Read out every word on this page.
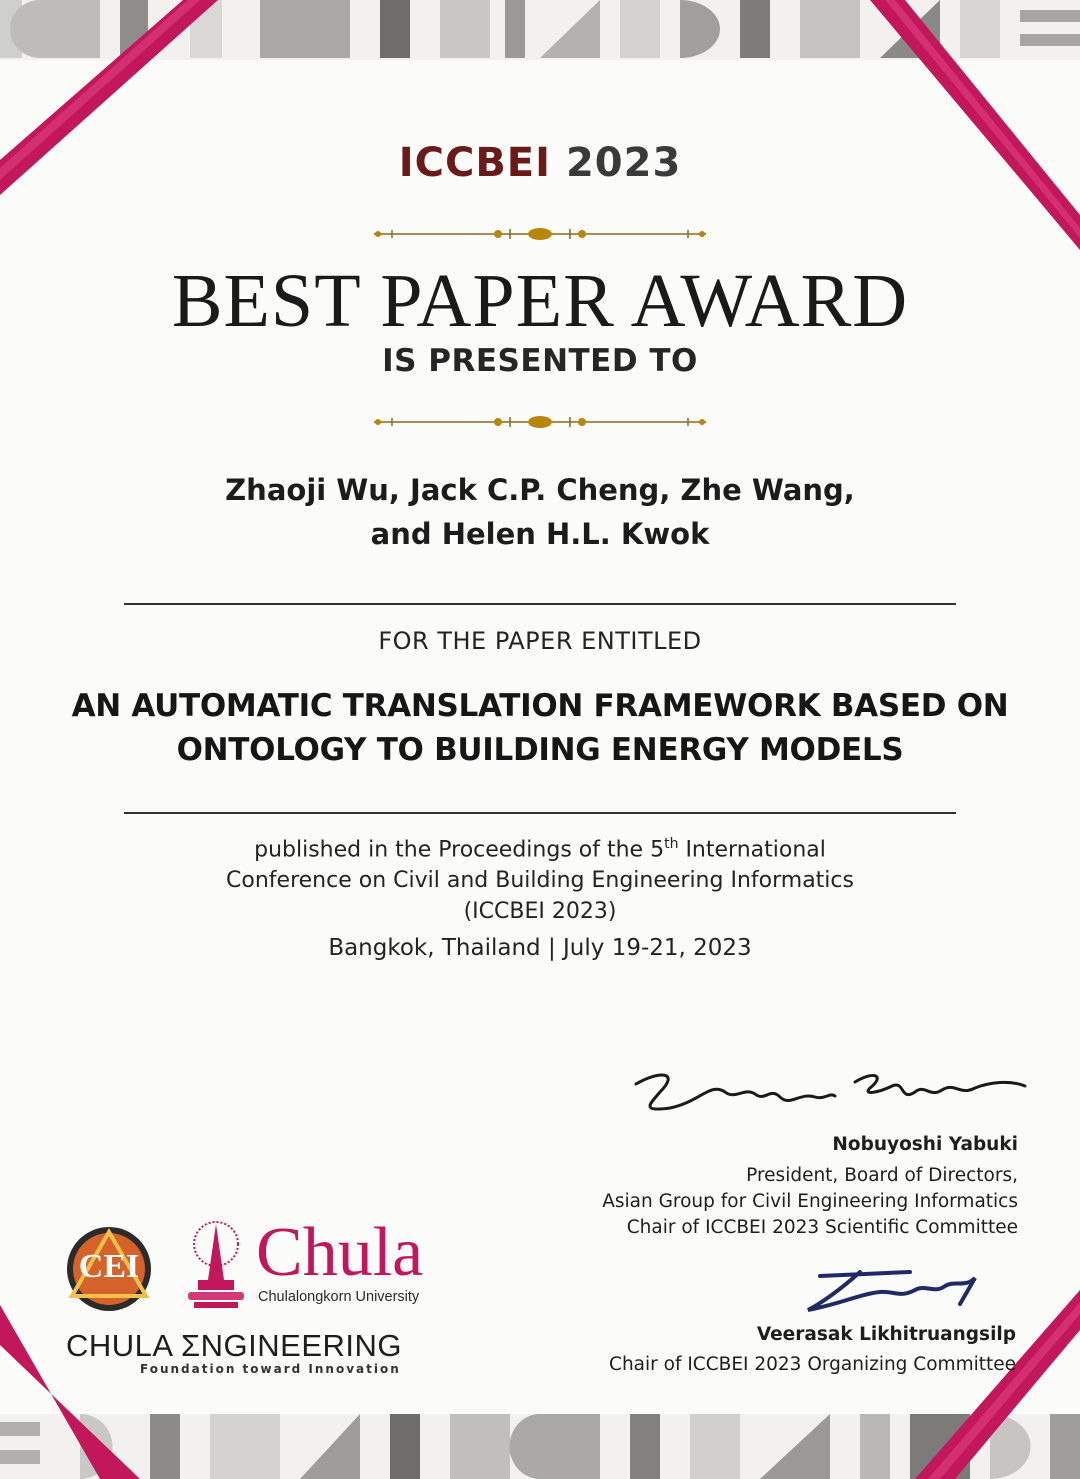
ICCBEI 2023
BEST PAPER AWARD
IS PRESENTED TO
Zhaoji Wu, Jack C.P. Cheng, Zhe Wang,
and Helen H.L. Kwok
FOR THE PAPER ENTITLED
AN AUTOMATIC TRANSLATION FRAMEWORK BASED ON
ONTOLOGY TO BUILDING ENERGY MODELS
published in the Proceedings of the 5th International
Conference on Civil and Building Engineering Informatics
(ICCBEI 2023)
Bangkok, Thailand | July 19-21, 2023
Nobuyoshi Yabuki
President, Board of Directors,
Asian Group for Civil Engineering Informatics
Chair of ICCBEI 2023 Scientific Committee
Veerasak Likhitruangsilp
Chair of ICCBEI 2023 Organizing Committee
CEI Chula
Chulalongkorn University
CHULA ΣNGINEERING
Foundation toward Innovation
